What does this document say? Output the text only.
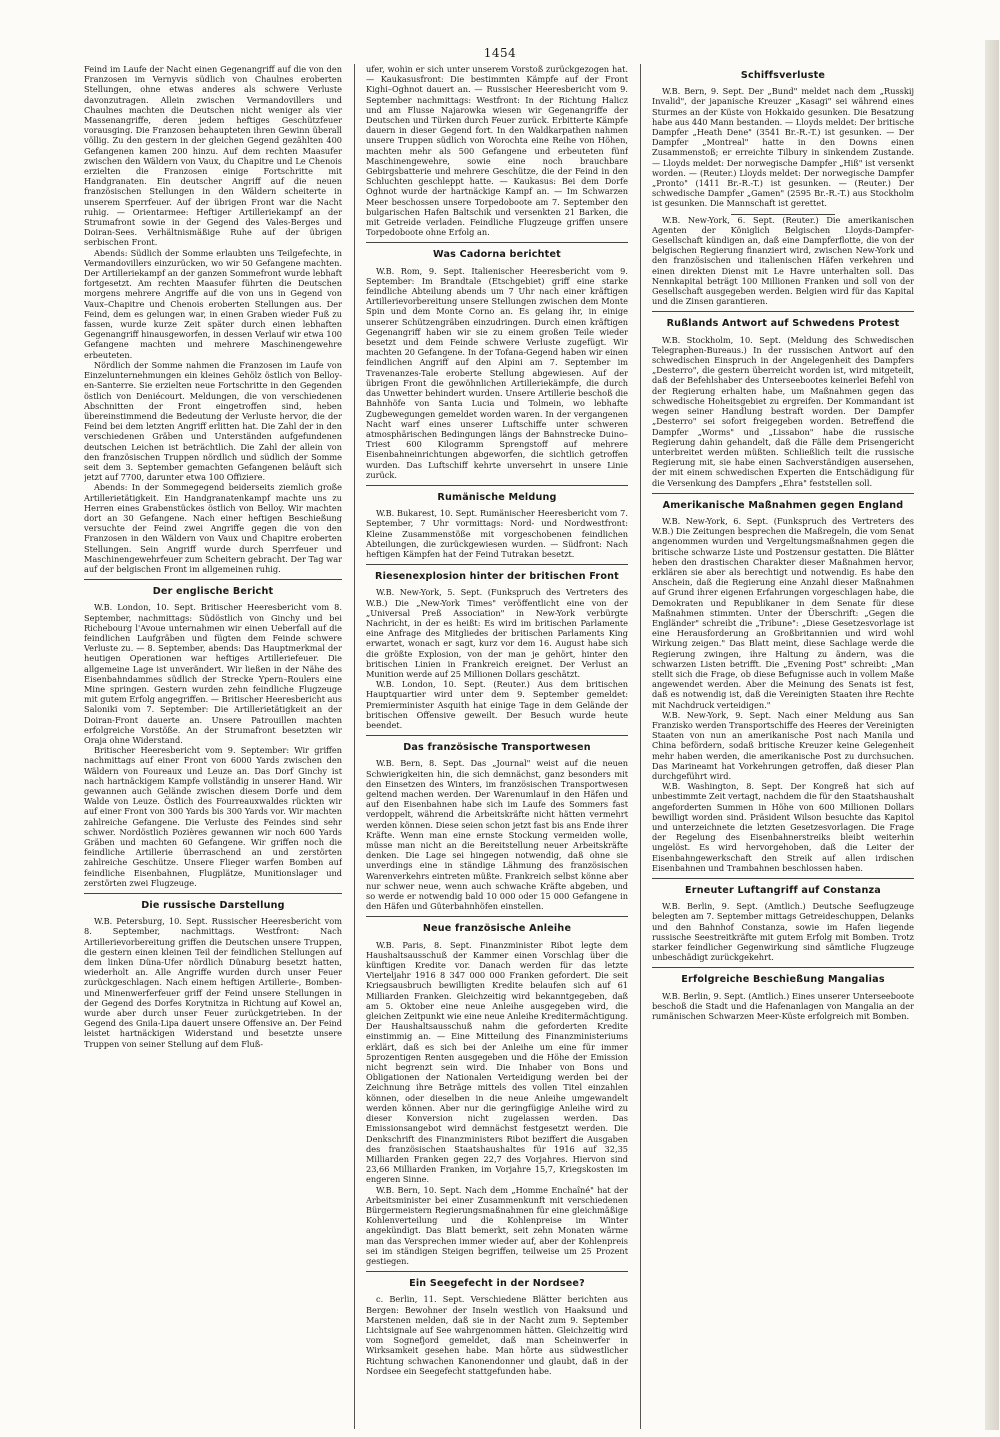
1454

Feind im Laufe der Nacht einen Gegenangriff auf die von den Franzosen im Vernyvis südlich von Chaulnes eroberten Stellungen, ohne etwas anderes als schwere Verluste davonzutragen. Allein zwischen Vermandovillers und Chaulnes machten die Deutschen nicht weniger als vier Massenangriffe, deren jedem heftiges Geschützfeuer vorausging. Die Franzosen behaupteten ihren Gewinn überall völlig. Zu den gestern in der gleichen Gegend gezählten 400 Gefangenen kamen 200 hinzu. Auf dem rechten Maasufer zwischen den Wäldern von Vaux, du Chapitre und Le Chenois erzielten die Franzosen einige Fortschritte mit Handgranaten. Ein deutscher Angriff auf die neuen französischen Stellungen in den Wäldern scheiterte in unserem Sperrfeuer. Auf der übrigen Front war die Nacht ruhig. — Orientarmee: Heftiger Artilleriekampf an der Strumafront sowie in der Gegend des Vales-Berges und Doiran-Sees. Verhältnismäßige Ruhe auf der übrigen serbischen Front.

Abends: Südlich der Somme erlaubten uns Teilgefechte, in Vermandovillers einzurücken, wo wir 50 Gefangene machten. Der Artilleriekampf an der ganzen Sommefront wurde lebhaft fortgesetzt. Am rechten Maasufer führten die Deutschen morgens mehrere Angriffe auf die von uns in Gegend von Vaux–Chapitre und Chenois eroberten Stellungen aus. Der Feind, dem es gelungen war, in einen Graben wieder Fuß zu fassen, wurde kurze Zeit später durch einen lebhaften Gegenangriff hinausgeworfen, in dessen Verlauf wir etwa 100 Gefangene machten und mehrere Maschinengewehre erbeuteten.

Nördlich der Somme nahmen die Franzosen im Laufe von Einzelunternehmungen ein kleines Gehölz östlich von Belloy-en-Santerre. Sie erzielten neue Fortschritte in den Gegenden östlich von Deniécourt. Meldungen, die von verschiedenen Abschnitten der Front eingetroffen sind, heben übereinstimmend die Bedeutung der Verluste hervor, die der Feind bei dem letzten Angriff erlitten hat. Die Zahl der in den verschiedenen Gräben und Unterständen aufgefundenen deutschen Leichen ist beträchtlich. Die Zahl der allein von den französischen Truppen nördlich und südlich der Somme seit dem 3. September gemachten Gefangenen beläuft sich jetzt auf 7700, darunter etwa 100 Offiziere.

Abends: In der Sommegegend beiderseits ziemlich große Artillerietätigkeit. Ein Handgranatenkampf machte uns zu Herren eines Grabenstückes östlich von Belloy. Wir machten dort an 30 Gefangene. Nach einer heftigen Beschießung versuchte der Feind zwei Angriffe gegen die von den Franzosen in den Wäldern von Vaux und Chapitre eroberten Stellungen. Sein Angriff wurde durch Sperrfeuer und Maschinengewehrfeuer zum Scheitern gebracht. Der Tag war auf der belgischen Front im allgemeinen ruhig.

Der englische Bericht

W.B. London, 10. Sept. Britischer Heeresbericht vom 8. September, nachmittags: Südöstlich von Ginchy und bei Richebourg l'Avoue unternahmen wir einen Ueberfall auf die feindlichen Laufgräben und fügten dem Feinde schwere Verluste zu. — 8. September, abends: Das Hauptmerkmal der heutigen Operationen war heftiges Artilleriefeuer. Die allgemeine Lage ist unverändert. Wir ließen in der Nähe des Eisenbahndammes südlich der Strecke Ypern–Roulers eine Mine springen. Gestern wurden zehn feindliche Flugzeuge mit gutem Erfolg angegriffen. — Britischer Heeresbericht aus Saloniki vom 7. September: Die Artillerietätigkeit an der Doiran-Front dauerte an. Unsere Patrouillen machten erfolgreiche Vorstöße. An der Strumafront besetzten wir Oraja ohne Widerstand.

Britischer Heeresbericht vom 9. September: Wir griffen nachmittags auf einer Front von 6000 Yards zwischen den Wäldern von Foureaux und Leuze an. Das Dorf Ginchy ist nach hartnäckigem Kampfe vollständig in unserer Hand. Wir gewannen auch Gelände zwischen diesem Dorfe und dem Walde von Leuze. Östlich des Fourreauxwaldes rückten wir auf einer Front von 300 Yards bis 300 Yards vor. Wir machten zahlreiche Gefangene. Die Verluste des Feindes sind sehr schwer. Nordöstlich Pozières gewannen wir noch 600 Yards Gräben und machten 60 Gefangene. Wir griffen noch die feindliche Artillerie überraschend an und zerstörten zahlreiche Geschütze. Unsere Flieger warfen Bomben auf feindliche Eisenbahnen, Flugplätze, Munitionslager und zerstörten zwei Flugzeuge.

Die russische Darstellung

W.B. Petersburg, 10. Sept. Russischer Heeresbericht vom 8. September, nachmittags. Westfront: Nach Artillerievorbereitung griffen die Deutschen unsere Truppen, die gestern einen kleinen Teil der feindlichen Stellungen auf dem linken Düna-Ufer nördlich Dünaburg besetzt hatten, wiederholt an. Alle Angriffe wurden durch unser Feuer zurückgeschlagen. Nach einem heftigen Artillerie-, Bomben- und Minenwerferfeuer griff der Feind unsere Stellungen in der Gegend des Dorfes Korytnitza in Richtung auf Kowel an, wurde aber durch unser Feuer zurückgetrieben. In der Gegend des Gnila-Lipa dauert unsere Offensive an. Der Feind leistet hartnäckigen Widerstand und besetzte unsere Truppen von seiner Stellung auf dem Fluß-

ufer, wohin er sich unter unserem Vorstoß zurückgezogen hat. — Kaukasusfront: Die bestimmten Kämpfe auf der Front Kighi–Oghnot dauert an. — Russischer Heeresbericht vom 9. September nachmittags: Westfront: In der Richtung Halicz und am Flusse Najarowka wiesen wir Gegenangriffe der Deutschen und Türken durch Feuer zurück. Erbitterte Kämpfe dauern in dieser Gegend fort. In den Waldkarpathen nahmen unsere Truppen südlich von Worochta eine Reihe von Höhen, machten mehr als 500 Gefangene und erbeuteten fünf Maschinengewehre, sowie eine noch brauchbare Gebirgsbatterie und mehrere Geschütze, die der Feind in den Schluchten geschleppt hatte. — Kaukasus: Bei dem Dorfe Oghnot wurde der hartnäckige Kampf an. — Im Schwarzen Meer beschossen unsere Torpedoboote am 7. September den bulgarischen Hafen Baltschik und versenkten 21 Barken, die mit Getreide verladen. Feindliche Flugzeuge griffen unsere Torpedoboote ohne Erfolg an.

Was Cadorna berichtet

W.B. Rom, 9. Sept. Italienischer Heeresbericht vom 9. September: Im Brandtale (Etschgebiet) griff eine starke feindliche Abteilung abends um 7 Uhr nach einer kräftigen Artillerievorbereitung unsere Stellungen zwischen dem Monte Spin und dem Monte Corno an. Es gelang ihr, in einige unserer Schützengräben einzudringen. Durch einen kräftigen Gegenangriff haben wir sie zu einem großen Teile wieder besetzt und dem Feinde schwere Verluste zugefügt. Wir machten 20 Gefangene. In der Tofana-Gegend haben wir einen feindlichen Angriff auf den Alpini am 7. September im Travenanzes-Tale eroberte Stellung abgewiesen. Auf der übrigen Front die gewöhnlichen Artilleriekämpfe, die durch das Unwetter behindert wurden. Unsere Artillerie beschoß die Bahnhöfe von Santa Lucia und Tolmein, wo lebhafte Zugbewegungen gemeldet worden waren. In der vergangenen Nacht warf eines unserer Luftschiffe unter schweren atmosphärischen Bedingungen längs der Bahnstrecke Duino–Triest 600 Kilogramm Sprengstoff auf mehrere Eisenbahneinrichtungen abgeworfen, die sichtlich getroffen wurden. Das Luftschiff kehrte unversehrt in unsere Linie zurück.

Rumänische Meldung

W.B. Bukarest, 10. Sept. Rumänischer Heeresbericht vom 7. September, 7 Uhr vormittags: Nord- und Nordwestfront: Kleine Zusammenstöße mit vorgeschobenen feindlichen Abteilungen, die zurückgewiesen wurden. — Südfront: Nach heftigen Kämpfen hat der Feind Tutrakan besetzt.

Riesenexplosion hinter der britischen Front

W.B. New-York, 5. Sept. (Funkspruch des Vertreters des W.B.) Die „New-York Times" veröffentlicht eine von der „Universal Preß Association" in New-York verbürgte Nachricht, in der es heißt: Es wird im britischen Parlamente eine Anfrage des Mitgliedes der britischen Parlaments King erwartet, wonach er sagt, kurz vor dem 16. August habe sich die größte Explosion, von der man je gehört, hinter den britischen Linien in Frankreich ereignet. Der Verlust an Munition werde auf 25 Millionen Dollars geschätzt.

W.B. London, 10. Sept. (Reuter.) Aus dem britischen Hauptquartier wird unter dem 9. September gemeldet: Premierminister Asquith hat einige Tage in dem Gelände der britischen Offensive geweilt. Der Besuch wurde heute beendet.

Das französische Transportwesen

W.B. Bern, 8. Sept. Das „Journal" weist auf die neuen Schwierigkeiten hin, die sich demnächst, ganz besonders mit den Einsetzen des Winters, im französischen Transportwesen geltend machen werden. Der Warenumlauf in den Häfen und auf den Eisenbahnen habe sich im Laufe des Sommers fast verdoppelt, während die Arbeitskräfte nicht hätten vermehrt werden können. Diese seien schon jetzt fast bis ans Ende ihrer Kräfte. Wenn man eine ernste Stockung vermeiden wolle, müsse man nicht an die Bereitstellung neuer Arbeitskräfte denken. Die Lage sei hingegen notwendig, daß ohne sie unverdings eine in ständige Lähmung des französischen Warenverkehrs eintreten müßte. Frankreich selbst könne aber nur schwer neue, wenn auch schwache Kräfte abgeben, und so werde er notwendig bald 10 000 oder 15 000 Gefangene in den Häfen und Güterbahnhöfen einstellen.

Neue französische Anleihe

W.B. Paris, 8. Sept. Finanzminister Ribot legte dem Haushaltsausschuß der Kammer einen Vorschlag über die künftigen Kredite vor. Danach werden für das letzte Vierteljahr 1916 8 347 000 000 Franken gefordert. Die seit Kriegsausbruch bewilligten Kredite belaufen sich auf 61 Milliarden Franken. Gleichzeitig wird bekanntgegeben, daß am 5. Oktober eine neue Anleihe ausgegeben wird, die gleichen Zeitpunkt wie eine neue Anleihe Kreditermächtigung. Der Haushaltsausschuß nahm die geforderten Kredite einstimmig an. — Eine Mitteilung des Finanzministeriums erklärt, daß es sich bei der Anleihe um eine für immer 5prozentigen Renten ausgegeben und die Höhe der Emission nicht begrenzt sein wird. Die Inhaber von Bons und Obligationen der Nationalen Verteidigung werden bei der Zeichnung ihre Beträge mittels des vollen Titel einzahlen können, oder dieselben in die neue Anleihe umgewandelt werden können. Aber nur die geringfügige Anleihe wird zu dieser Konversion nicht zugelassen werden. Das Emissionsangebot wird demnächst festgesetzt werden. Die Denkschrift des Finanzministers Ribot beziffert die Ausgaben des französischen Staatshaushaltes für 1916 auf 32,35 Milliarden Franken gegen 22,7 des Vorjahres. Hiervon sind 23,66 Milliarden Franken, im Vorjahre 15,7, Kriegskosten im engeren Sinne.

W.B. Bern, 10. Sept. Nach dem „Homme Enchaîné" hat der Arbeitsminister bei einer Zusammenkunft mit verschiedenen Bürgermeistern Regierungsmaßnahmen für eine gleichmäßige Kohlenverteilung und die Kohlenpreise im Winter angekündigt. Das Blatt bemerkt, seit zehn Monaten wärme man das Versprechen immer wieder auf, aber der Kohlenpreis sei im ständigen Steigen begriffen, teilweise um 25 Prozent gestiegen.

Ein Seegefecht in der Nordsee?

c. Berlin, 11. Sept. Verschiedene Blätter berichten aus Bergen: Bewohner der Inseln westlich von Haaksund und Marstenen melden, daß sie in der Nacht zum 9. September Lichtsignale auf See wahrgenommen hätten. Gleichzeitig wird vom Sognefjord gemeldet, daß man Scheinwerfer in Wirksamkeit gesehen habe. Man hörte aus südwestlicher Richtung schwachen Kanonendonner und glaubt, daß in der Nordsee ein Seegefecht stattgefunden habe.

Schiffsverluste

W.B. Bern, 9. Sept. Der „Bund" meldet nach dem „Russkij Invalid", der japanische Kreuzer „Kasagi" sei während eines Sturmes an der Küste von Hokkaido gesunken. Die Besatzung habe aus 440 Mann bestanden. — Lloyds meldet: Der britische Dampfer „Heath Dene" (3541 Br.-R.-T.) ist gesunken. — Der Dampfer „Montreal" hatte in den Downs einen Zusammenstoß; er erreichte Tilbury in sinkendem Zustande. — Lloyds meldet: Der norwegische Dampfer „Hiß" ist versenkt worden. — (Reuter.) Lloyds meldet: Der norwegische Dampfer „Pronto" (1411 Br.-R.-T.) ist gesunken. — (Reuter.) Der schwedische Dampfer „Gamen" (2595 Br.-R.-T.) aus Stockholm ist gesunken. Die Mannschaft ist gerettet.

W.B. New-York, 6. Sept. (Reuter.) Die amerikanischen Agenten der Königlich Belgischen Lloyds-Dampfer-Gesellschaft kündigen an, daß eine Dampferflotte, die von der belgischen Regierung finanziert wird, zwischen New-York und den französischen und italienischen Häfen verkehren und einen direkten Dienst mit Le Havre unterhalten soll. Das Nennkapital beträgt 100 Millionen Franken und soll von der Gesellschaft ausgegeben werden. Belgien wird für das Kapital und die Zinsen garantieren.

Rußlands Antwort auf Schwedens Protest

W.B. Stockholm, 10. Sept. (Meldung des Schwedischen Telegraphen-Bureaus.) In der russischen Antwort auf den schwedischen Einspruch in der Angelegenheit des Dampfers „Desterro", die gestern überreicht worden ist, wird mitgeteilt, daß der Befehlshaber des Unterseebootes keinerlei Befehl von der Regierung erhalten habe, um Maßnahmen gegen das schwedische Hoheitsgebiet zu ergreifen. Der Kommandant ist wegen seiner Handlung bestraft worden. Der Dampfer „Desterro" sei sofort freigegeben worden. Betreffend die Dampfer „Worms" und „Lissabon" habe die russische Regierung dahin gehandelt, daß die Fälle dem Prisengericht unterbreitet werden müßten. Schließlich teilt die russische Regierung mit, sie habe einen Sachverständigen ausersehen, der mit einem schwedischen Experten die Entschädigung für die Versenkung des Dampfers „Ehra" feststellen soll.

Amerikanische Maßnahmen gegen England

W.B. New-York, 6. Sept. (Funkspruch des Vertreters des W.B.) Die Zeitungen besprechen die Maßregeln, die vom Senat angenommen wurden und Vergeltungsmaßnahmen gegen die britische schwarze Liste und Postzensur gestatten. Die Blätter heben den drastischen Charakter dieser Maßnahmen hervor, erklären sie aber als berechtigt und notwendig. Es habe den Anschein, daß die Regierung eine Anzahl dieser Maßnahmen auf Grund ihrer eigenen Erfahrungen vorgeschlagen habe, die Demokraten und Republikaner in dem Senate für diese Maßnahmen stimmten. Unter der Überschrift: „Gegen die Engländer" schreibt die „Tribune": „Diese Gesetzesvorlage ist eine Herausforderung an Großbritannien und wird wohl Wirkung zeigen." Das Blatt meint, diese Sachlage werde die Regierung zwingen, ihre Haltung zu ändern, was die schwarzen Listen betrifft. Die „Evening Post" schreibt: „Man stellt sich die Frage, ob diese Befugnisse auch in vollem Maße angewendet werden. Aber die Meinung des Senats ist fest, daß es notwendig ist, daß die Vereinigten Staaten ihre Rechte mit Nachdruck verteidigen."

W.B. New-York, 9. Sept. Nach einer Meldung aus San Franzisko werden Transportschiffe des Heeres der Vereinigten Staaten von nun an amerikanische Post nach Manila und China befördern, sodaß britische Kreuzer keine Gelegenheit mehr haben werden, die amerikanische Post zu durchsuchen. Das Marineamt hat Vorkehrungen getroffen, daß dieser Plan durchgeführt wird.

W.B. Washington, 8. Sept. Der Kongreß hat sich auf unbestimmte Zeit vertagt, nachdem die für den Staatshaushalt angeforderten Summen in Höhe von 600 Millionen Dollars bewilligt worden sind. Präsident Wilson besuchte das Kapitol und unterzeichnete die letzten Gesetzesvorlagen. Die Frage der Regelung des Eisenbahnerstreiks bleibt weiterhin ungelöst. Es wird hervorgehoben, daß die Leiter der Eisenbahngewerkschaft den Streik auf allen irdischen Eisenbahnen und Trambahnen beschlossen haben.

Erneuter Luftangriff auf Constanza

W.B. Berlin, 9. Sept. (Amtlich.) Deutsche Seeflugzeuge belegten am 7. September mittags Getreideschuppen, Delanks und den Bahnhof Constanza, sowie im Hafen liegende russische Seestreitkräfte mit gutem Erfolg mit Bomben. Trotz starker feindlicher Gegenwirkung sind sämtliche Flugzeuge unbeschädigt zurückgekehrt.

Erfolgreiche Beschießung Mangalias

W.B. Berlin, 9. Sept. (Amtlich.) Eines unserer Unterseeboote beschoß die Stadt und die Hafenanlagen von Mangalia an der rumänischen Schwarzen Meer-Küste erfolgreich mit Bomben.
